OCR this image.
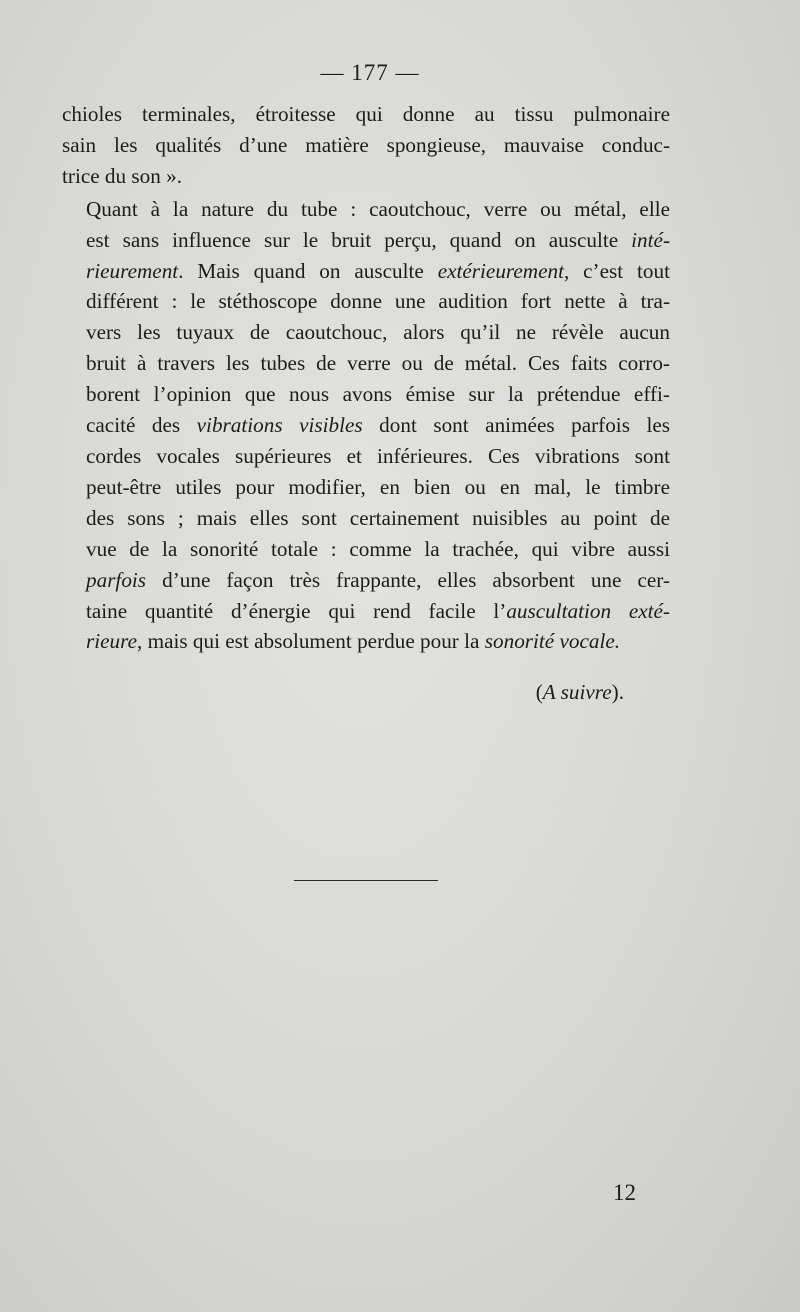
— 177 —

chioles terminales, étroitesse qui donne au tissu pulmonaire
sain les qualités d’une matière spongieuse, mauvaise conduc-
trice du son ».

Quant à la nature du tube : caoutchouc, verre ou métal, elle
est sans influence sur le bruit perçu, quand on ausculte inté-
rieurement. Mais quand on ausculte extérieurement, c’est tout
différent : le stéthoscope donne une audition fort nette à tra-
vers les tuyaux de caoutchouc, alors qu’il ne révèle aucun
bruit à travers les tubes de verre ou de métal. Ces faits corro-
borent l’opinion que nous avons émise sur la prétendue effi-
cacité des vibrations visibles dont sont animées parfois les
cordes vocales supérieures et inférieures. Ces vibrations sont
peut-être utiles pour modifier, en bien ou en mal, le timbre
des sons ; mais elles sont certainement nuisibles au point de
vue de la sonorité totale : comme la trachée, qui vibre aussi
parfois d’une façon très frappante, elles absorbent une cer-
taine quantité d’énergie qui rend facile l’auscultation exté-
rieure, mais qui est absolument perdue pour la sonorité vocale.

(A suivre).
12
